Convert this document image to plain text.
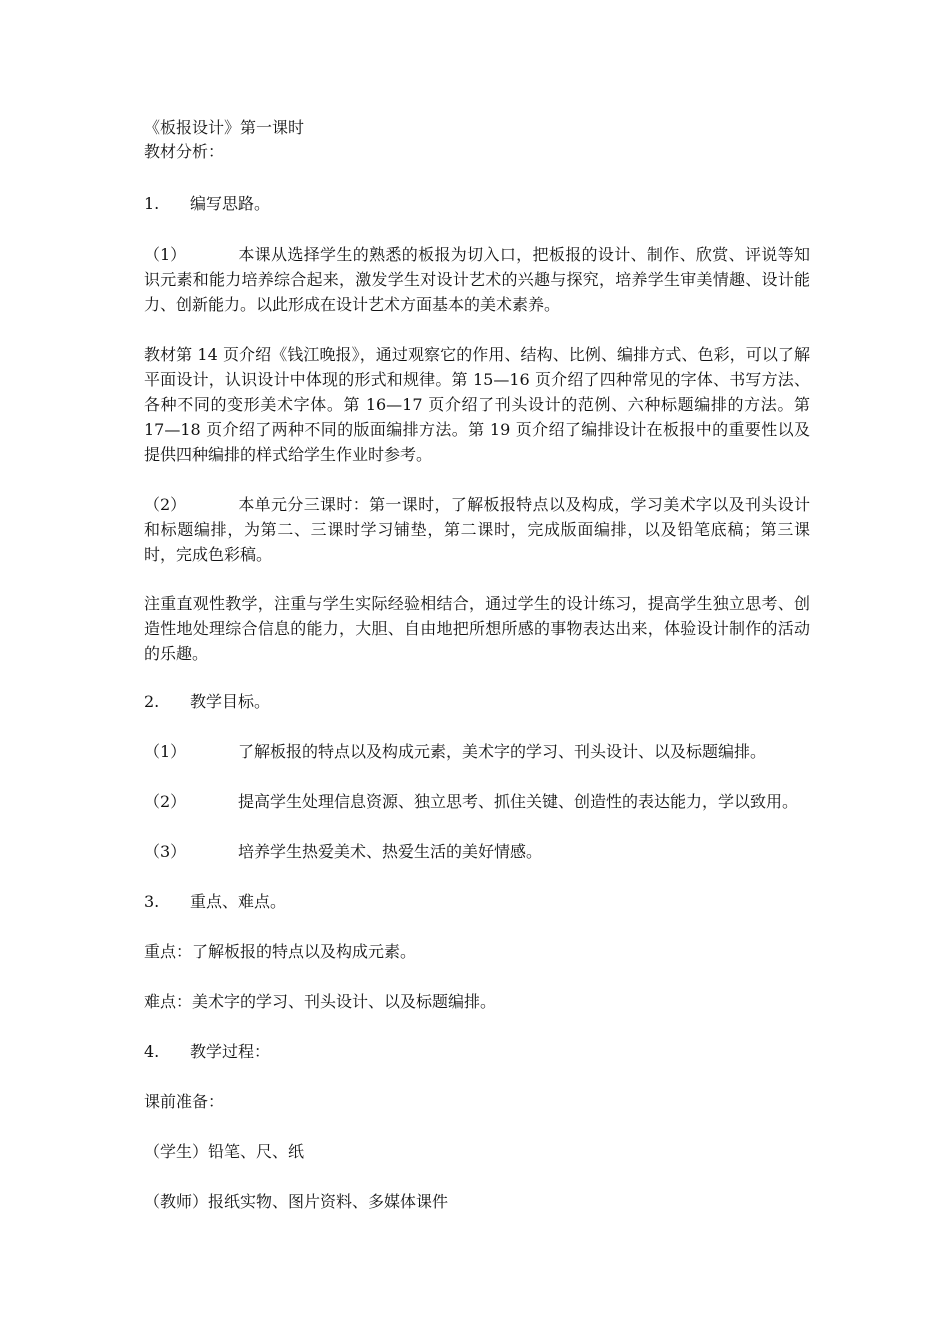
《板报设计》第一课时
教材分析：
1. 编写思路。
（1）	本课从选择学生的熟悉的板报为切入口，把板报的设计、制作、欣赏、评说等知识元素和能力培养综合起来，激发学生对设计艺术的兴趣与探究，培养学生审美情趣、设计能力、创新能力。以此形成在设计艺术方面基本的美术素养。
教材第 14 页介绍《钱江晚报》，通过观察它的作用、结构、比例、编排方式、色彩，可以了解平面设计，认识设计中体现的形式和规律。第 15—16 页介绍了四种常见的字体、书写方法、各种不同的变形美术字体。第 16—17 页介绍了刊头设计的范例、六种标题编排的方法。第 17—18 页介绍了两种不同的版面编排方法。第 19 页介绍了编排设计在板报中的重要性以及提供四种编排的样式给学生作业时参考。
（2）	本单元分三课时：第一课时，了解板报特点以及构成，学习美术字以及刊头设计和标题编排，为第二、三课时学习铺垫，第二课时，完成版面编排，以及铅笔底稿；第三课时，完成色彩稿。
注重直观性教学，注重与学生实际经验相结合，通过学生的设计练习，提高学生独立思考、创造性地处理综合信息的能力，大胆、自由地把所想所感的事物表达出来，体验设计制作的活动的乐趣。
2. 教学目标。
（1）	了解板报的特点以及构成元素，美术字的学习、刊头设计、以及标题编排。
（2）	提高学生处理信息资源、独立思考、抓住关键、创造性的表达能力，学以致用。
（3）	培养学生热爱美术、热爱生活的美好情感。
3. 重点、难点。
重点：了解板报的特点以及构成元素。
难点：美术字的学习、刊头设计、以及标题编排。
4. 教学过程：
课前准备：
（学生）铅笔、尺、纸
（教师）报纸实物、图片资料、多媒体课件
